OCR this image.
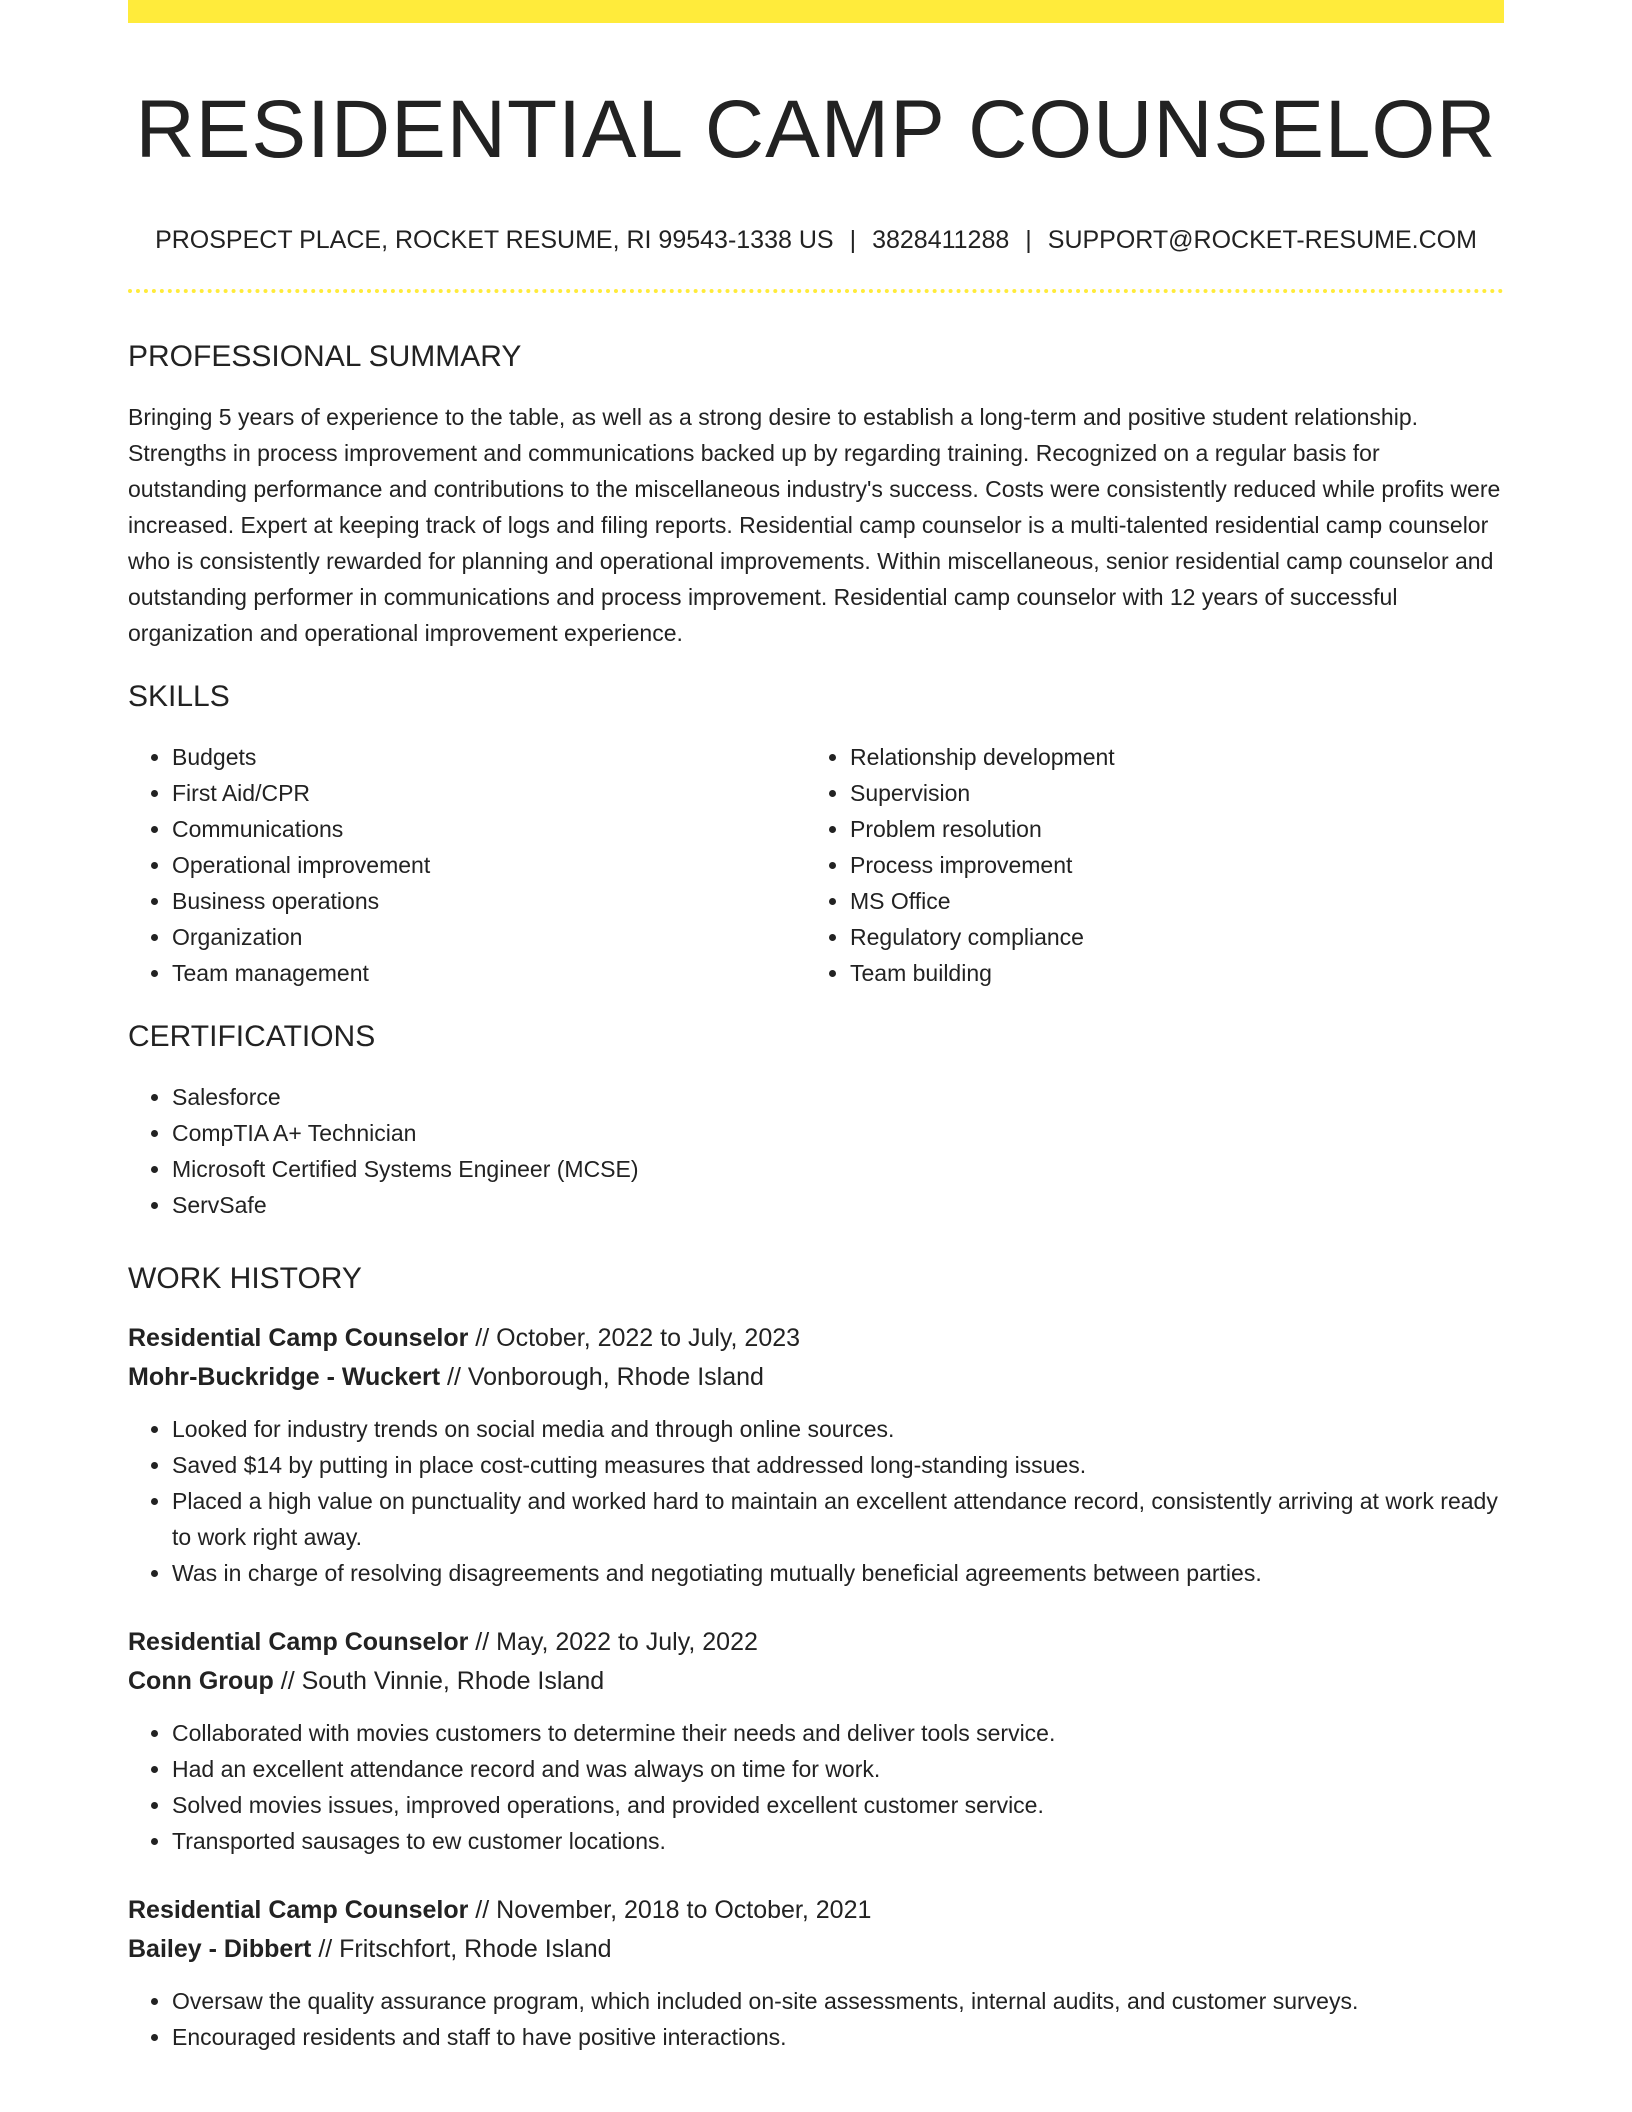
RESIDENTIAL CAMP COUNSELOR
PROSPECT PLACE, ROCKET RESUME, RI 99543-1338 US | 3828411288 | SUPPORT@ROCKET-RESUME.COM
PROFESSIONAL SUMMARY

Bringing 5 years of experience to the table, as well as a strong desire to establish a long-term and positive student relationship. Strengths in process improvement and communications backed up by regarding training. Recognized on a regular basis for outstanding performance and contributions to the miscellaneous industry's success. Costs were consistently reduced while profits were increased. Expert at keeping track of logs and filing reports. Residential camp counselor is a multi-talented residential camp counselor who is consistently rewarded for planning and operational improvements. Within miscellaneous, senior residential camp counselor and outstanding performer in communications and process improvement. Residential camp counselor with 12 years of successful organization and operational improvement experience.

SKILLS
• Budgets
• First Aid/CPR
• Communications
• Operational improvement
• Business operations
• Organization
• Team management
• Relationship development
• Supervision
• Problem resolution
• Process improvement
• MS Office
• Regulatory compliance
• Team building
CERTIFICATIONS
• Salesforce
• CompTIA A+ Technician
• Microsoft Certified Systems Engineer (MCSE)
• ServSafe
WORK HISTORY
Residential Camp Counselor // October, 2022 to July, 2023
Mohr-Buckridge - Wuckert // Vonborough, Rhode Island
• Looked for industry trends on social media and through online sources.
• Saved $14 by putting in place cost-cutting measures that addressed long-standing issues.
• Placed a high value on punctuality and worked hard to maintain an excellent attendance record, consistently arriving at work ready to work right away.
• Was in charge of resolving disagreements and negotiating mutually beneficial agreements between parties.
Residential Camp Counselor // May, 2022 to July, 2022
Conn Group // South Vinnie, Rhode Island
• Collaborated with movies customers to determine their needs and deliver tools service.
• Had an excellent attendance record and was always on time for work.
• Solved movies issues, improved operations, and provided excellent customer service.
• Transported sausages to ew customer locations.
Residential Camp Counselor // November, 2018 to October, 2021
Bailey - Dibbert // Fritschfort, Rhode Island
• Oversaw the quality assurance program, which included on-site assessments, internal audits, and customer surveys.
• Encouraged residents and staff to have positive interactions.
